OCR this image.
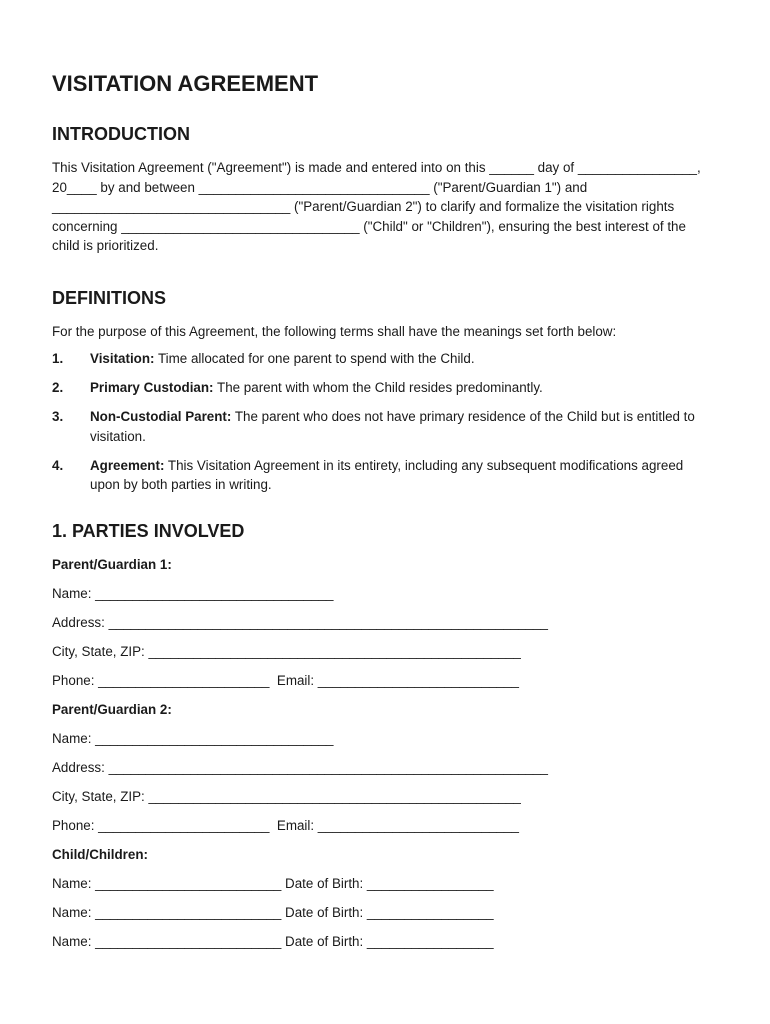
VISITATION AGREEMENT
INTRODUCTION

This Visitation Agreement ("Agreement") is made and entered into on this ______ day of ________________, 20____ by and between _______________________________ ("Parent/Guardian 1") and ________________________________ ("Parent/Guardian 2") to clarify and formalize the visitation rights concerning ________________________________ ("Child" or "Children"), ensuring the best interest of the child is prioritized.

DEFINITIONS

For the purpose of this Agreement, the following terms shall have the meanings set forth below:

1.	Visitation: Time allocated for one parent to spend with the Child.
2.	Primary Custodian: The parent with whom the Child resides predominantly.
3.	Non-Custodial Parent: The parent who does not have primary residence of the Child but is entitled to visitation.
4.	Agreement: This Visitation Agreement in its entirety, including any subsequent modifications agreed upon by both parties in writing.
1. PARTIES INVOLVED

Parent/Guardian 1:

Name: ________________________________

Address: ___________________________________________________________

City, State, ZIP: __________________________________________________

Phone: _______________________  Email: ___________________________

Parent/Guardian 2:

Name: ________________________________

Address: ___________________________________________________________

City, State, ZIP: __________________________________________________

Phone: _______________________  Email: ___________________________

Child/Children:

Name: _________________________ Date of Birth: _________________

Name: _________________________ Date of Birth: _________________

Name: _________________________ Date of Birth: _________________
